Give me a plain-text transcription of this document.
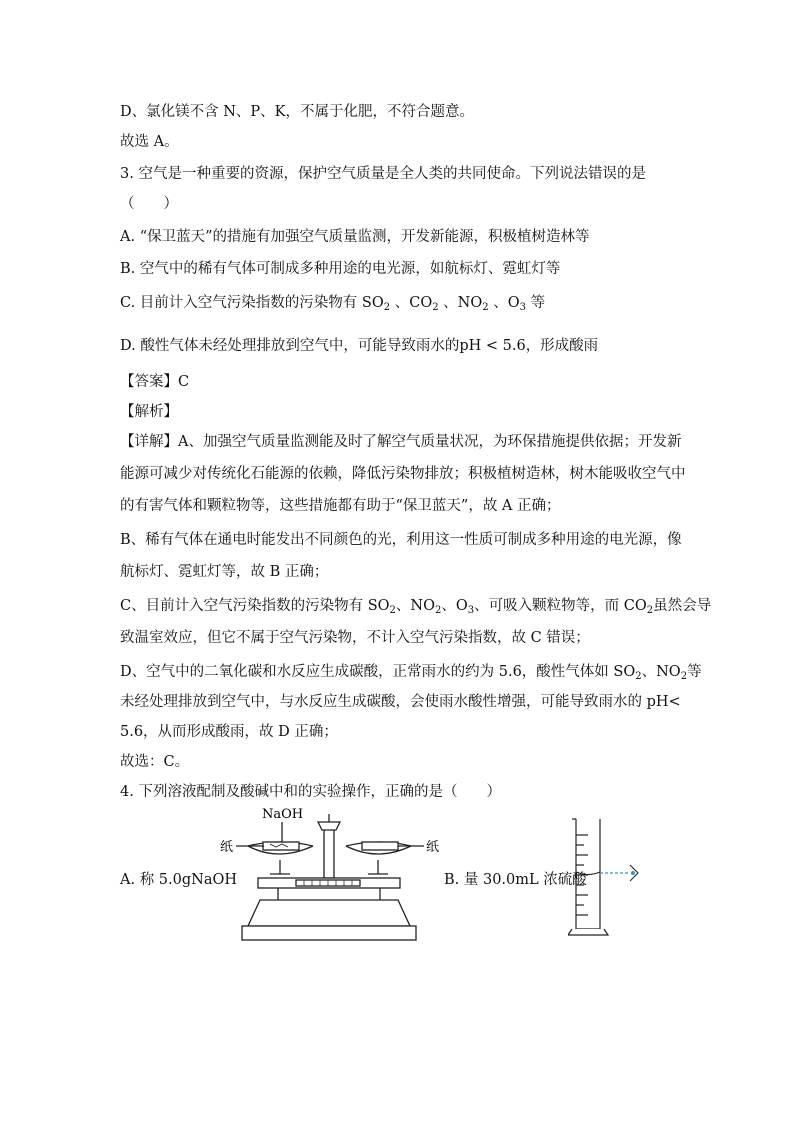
D、氯化镁不含 N、P、K，不属于化肥，不符合题意。
故选 A。
3. 空气是一种重要的资源，保护空气质量是全人类的共同使命。下列说法错误的是
（　　）
A. “保卫蓝天”的措施有加强空气质量监测，开发新能源，积极植树造林等
B. 空气中的稀有气体可制成多种用途的电光源，如航标灯、霓虹灯等
C. 目前计入空气污染指数的污染物有 $SO_2$ 、$CO_2$ 、$NO_2$ 、$O_3$ 等
D. 酸性气体未经处理排放到空气中，可能导致雨水的pH < 5.6，形成酸雨
【答案】C
【解析】
【详解】A、加强空气质量监测能及时了解空气质量状况，为环保措施提供依据；开发新
能源可减少对传统化石能源的依赖，降低污染物排放；积极植树造林，树木能吸收空气中
的有害气体和颗粒物等，这些措施都有助于“保卫蓝天”，故 A 正确；
B、稀有气体在通电时能发出不同颜色的光，利用这一性质可制成多种用途的电光源，像
航标灯、霓虹灯等，故 B 正确；
C、目前计入空气污染指数的污染物有 $SO_2$、$NO_2$、$O_3$、可吸入颗粒物等，而 $CO_2$虽然会导
致温室效应，但它不属于空气污染物，不计入空气污染指数，故 C 错误；
D、空气中的二氧化碳和水反应生成碳酸，正常雨水的约为 5.6，酸性气体如 $SO_2$、$NO_2$等
未经处理排放到空气中，与水反应生成碳酸，会使雨水酸性增强，可能导致雨水的 pH<
5.6，从而形成酸雨，故 D 正确；
故选：C。
4. 下列溶液配制及酸碱中和的实验操作，正确的是（　　）
A. 称 5.0gNaOH
NaOH
纸	纸
B. 量 30.0mL 浓硫酸
